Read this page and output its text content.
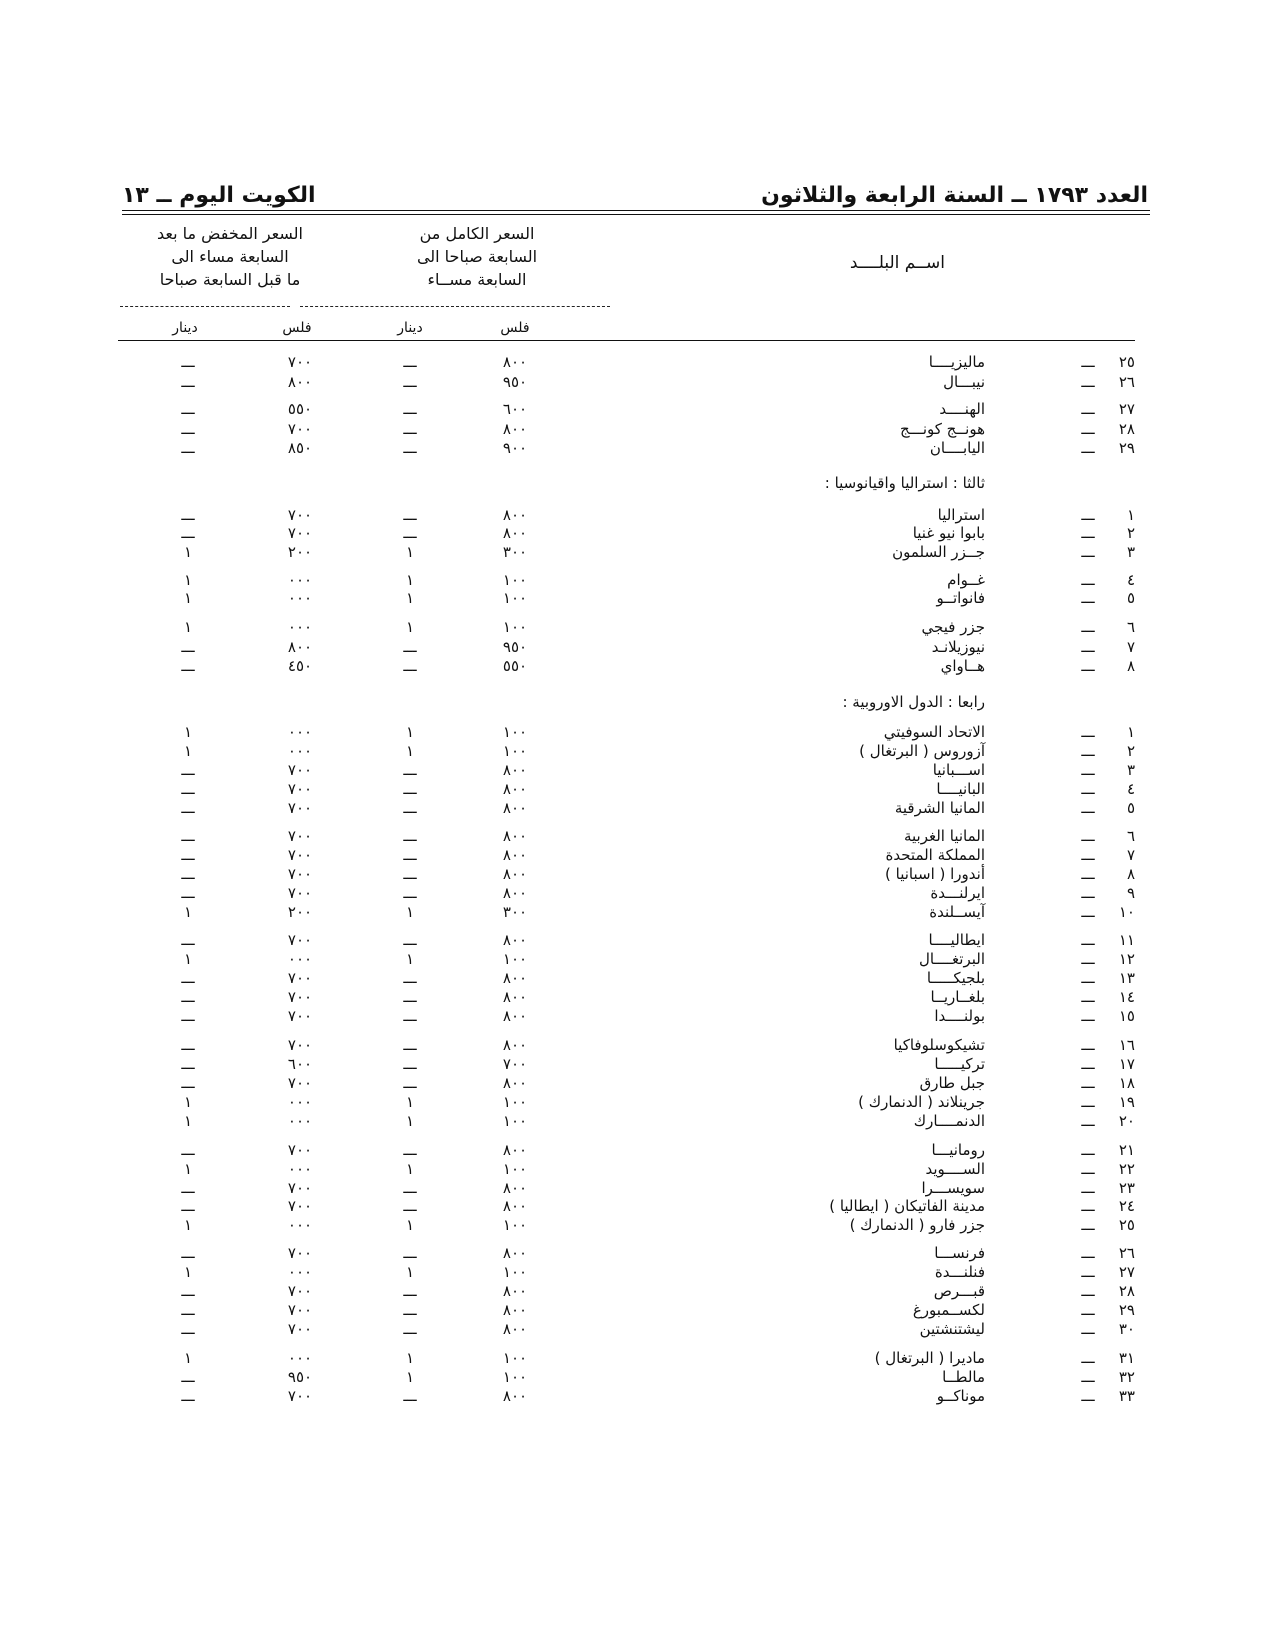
العدد ١٧٩٣ ــ السنة الرابعة والثلاثون
الكويت اليوم ــ ١٣
اســم البلــــد
السعر الكامل من
السابعة صباحا الى
السابعة مســاء
السعر المخفض ما بعد
السابعة مساء الى
ما قبل السابعة صباحا
فلس
دينار
فلس
دينار
ثالثا : استراليا واقيانوسيا :
رابعا : الدول الاوروبية :
٢٥
ـــ
ماليزيــــا
٨٠٠
ـــ
٧٠٠
ـــ
٢٦
ـــ
نيبـــال
٩٥٠
ـــ
٨٠٠
ـــ
٢٧
ـــ
الهنــــد
٦٠٠
ـــ
٥٥٠
ـــ
٢٨
ـــ
هونــج كونـــج
٨٠٠
ـــ
٧٠٠
ـــ
٢٩
ـــ
اليابــــان
٩٠٠
ـــ
٨٥٠
ـــ
١
ـــ
استراليا
٨٠٠
ـــ
٧٠٠
ـــ
٢
ـــ
بابوا نيو غنيا
٨٠٠
ـــ
٧٠٠
ـــ
٣
ـــ
جــزر السلمون
٣٠٠
١
٢٠٠
١
٤
ـــ
غــوام
١٠٠
١
٠٠٠
١
٥
ـــ
فانواتــو
١٠٠
١
٠٠٠
١
٦
ـــ
جزر فيجي
١٠٠
١
٠٠٠
١
٧
ـــ
نيوزيلانـد
٩٥٠
ـــ
٨٠٠
ـــ
٨
ـــ
هــاواي
٥٥٠
ـــ
٤٥٠
ـــ
١
ـــ
الاتحاد السوفيتي
١٠٠
١
٠٠٠
١
٢
ـــ
آزوروس ( البرتغال )
١٠٠
١
٠٠٠
١
٣
ـــ
اســـبانيا
٨٠٠
ـــ
٧٠٠
ـــ
٤
ـــ
البانيــــا
٨٠٠
ـــ
٧٠٠
ـــ
٥
ـــ
المانيا الشرقية
٨٠٠
ـــ
٧٠٠
ـــ
٦
ـــ
المانيا الغربية
٨٠٠
ـــ
٧٠٠
ـــ
٧
ـــ
المملكة المتحدة
٨٠٠
ـــ
٧٠٠
ـــ
٨
ـــ
أندورا ( اسبانيا )
٨٠٠
ـــ
٧٠٠
ـــ
٩
ـــ
ايرلنـــدة
٨٠٠
ـــ
٧٠٠
ـــ
١٠
ـــ
آيســلندة
٣٠٠
١
٢٠٠
١
١١
ـــ
ايطاليــــا
٨٠٠
ـــ
٧٠٠
ـــ
١٢
ـــ
البرتغــــال
١٠٠
١
٠٠٠
١
١٣
ـــ
بلجيكـــــا
٨٠٠
ـــ
٧٠٠
ـــ
١٤
ـــ
بلغــاريــا
٨٠٠
ـــ
٧٠٠
ـــ
١٥
ـــ
بولنــــدا
٨٠٠
ـــ
٧٠٠
ـــ
١٦
ـــ
تشيكوسلوفاكيا
٨٠٠
ـــ
٧٠٠
ـــ
١٧
ـــ
تركيـــــا
٧٠٠
ـــ
٦٠٠
ـــ
١٨
ـــ
جبل طارق
٨٠٠
ـــ
٧٠٠
ـــ
١٩
ـــ
جرينلاند ( الدنمارك )
١٠٠
١
٠٠٠
١
٢٠
ـــ
الدنمــــارك
١٠٠
١
٠٠٠
١
٢١
ـــ
رومانيـــا
٨٠٠
ـــ
٧٠٠
ـــ
٢٢
ـــ
الســــويد
١٠٠
١
٠٠٠
١
٢٣
ـــ
سويســـرا
٨٠٠
ـــ
٧٠٠
ـــ
٢٤
ـــ
مدينة الفاتيكان ( ايطاليا )
٨٠٠
ـــ
٧٠٠
ـــ
٢٥
ـــ
جزر فارو ( الدنمارك )
١٠٠
١
٠٠٠
١
٢٦
ـــ
فرنســـا
٨٠٠
ـــ
٧٠٠
ـــ
٢٧
ـــ
فنلنـــدة
١٠٠
١
٠٠٠
١
٢٨
ـــ
قبـــرص
٨٠٠
ـــ
٧٠٠
ـــ
٢٩
ـــ
لكســمبورغ
٨٠٠
ـــ
٧٠٠
ـــ
٣٠
ـــ
ليشتنشتين
٨٠٠
ـــ
٧٠٠
ـــ
٣١
ـــ
ماديرا ( البرتغال )
١٠٠
١
٠٠٠
١
٣٢
ـــ
مالطــا
١٠٠
١
٩٥٠
ـــ
٣٣
ـــ
موناكــو
٨٠٠
ـــ
٧٠٠
ـــ
